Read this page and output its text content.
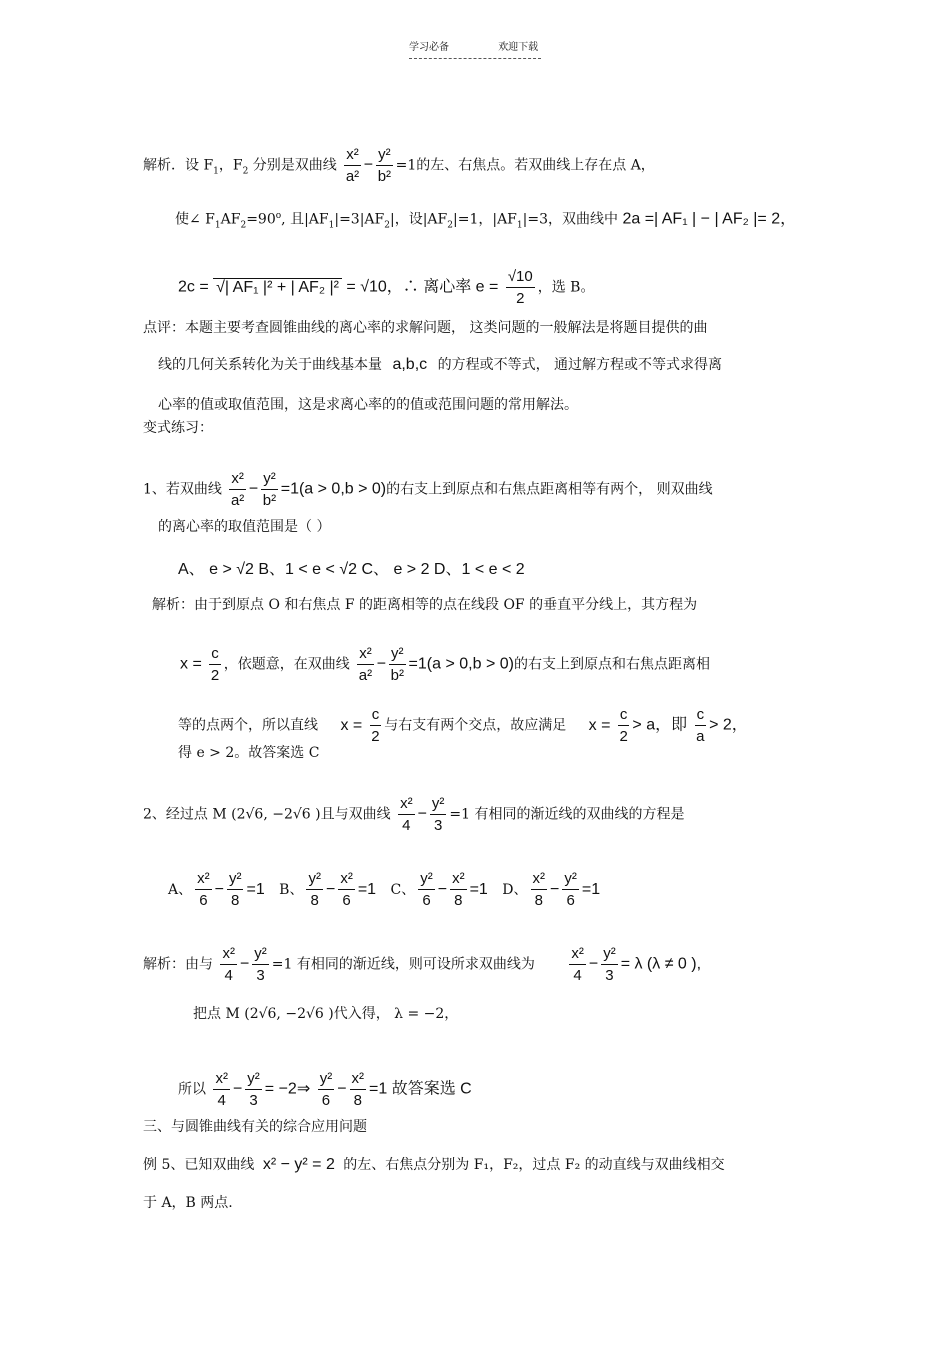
学习必备	欢迎下载
解析．设 $F_1$，$F_2$ 分别是双曲线 $\frac{\text{x²}}{\text{a²}} - \frac{\text{y²}}{\text{b²}} =1$的左、右焦点。若双曲线上存在点 A，
使∠ $F_1AF_2=90^o$, 且$|AF_1|=3|AF_2|$，设$|AF_2|=1$，$|AF_1|=3$，双曲线中 2a =| AF₁ | − | AF₂ |= 2，
2c = √| AF₁ |² + | AF₂ |² = √10，∴ 离心率 $e = \frac{√10}{2}$ ，选 B。
点评：本题主要考查圆锥曲线的离心率的求解问题， 这类问题的一般解法是将题目提供的曲
线的几何关系转化为关于曲线基本量 a,b,c 的方程或不等式， 通过解方程或不等式求得离
心率的值或取值范围，这是求离心率的的值或范围问题的常用解法。
变式练习：
1、若双曲线 $\frac{\text{x²}}{\text{a²}} - \frac{\text{y²}}{\text{b²}} =1(a > 0,b > 0)$的右支上到原点和右焦点距离相等有两个， 则双曲线
的离心率的取值范围是（ ）
A、 e > √2 B、1 < e < √2 C、 e > 2 D、1 < e < 2
解析：由于到原点 O 和右焦点 F 的距离相等的点在线段 OF 的垂直平分线上，其方程为
$x = \frac{c}{2}$ ，依题意，在双曲线 $\frac{\text{x²}}{\text{a²}} - \frac{\text{y²}}{\text{b²}} =1(a > 0,b > 0)$的右支上到原点和右焦点距离相
等的点两个，所以直线 $x = \frac{c}{2}$ 与右支有两个交点，故应满足 $x = \frac{c}{2} > a$，即 $\frac{c}{a} > 2$，
得 e > 2。故答案选 C
2、经过点 M (2√6, −2√6 )且与双曲线 $\frac{\text{x²}}{4} - \frac{\text{y²}}{3} =1$ 有相同的渐近线的双曲线的方程是
A、 $\frac{\text{x²}}{6} - \frac{\text{y²}}{8} =1$ B、 $\frac{\text{y²}}{8} - \frac{\text{x²}}{6} =1$ C、 $\frac{\text{y²}}{6} - \frac{\text{x²}}{8} =1$ D、 $\frac{\text{x²}}{8} - \frac{\text{y²}}{6} =1$
解析：由与 $\frac{\text{x²}}{4} - \frac{\text{y²}}{3} =1$ 有相同的渐近线，则可设所求双曲线为 $\frac{\text{x²}}{4} - \frac{\text{y²}}{3} = \lambda$ (λ ≠ 0 ),
把点 M (2√6, −2√6 )代入得， λ = −2，
所以 $\frac{\text{x²}}{4} - \frac{\text{y²}}{3}$ = −2⇒ $\frac{\text{y²}}{6} - \frac{\text{x²}}{8} =1$ 故答案选 C
三、与圆锥曲线有关的综合应用问题
例 5、已知双曲线 x² − y² = 2 的左、右焦点分别为 F₁，F₂，过点 F₂ 的动直线与双曲线相交
于 A，B 两点.
